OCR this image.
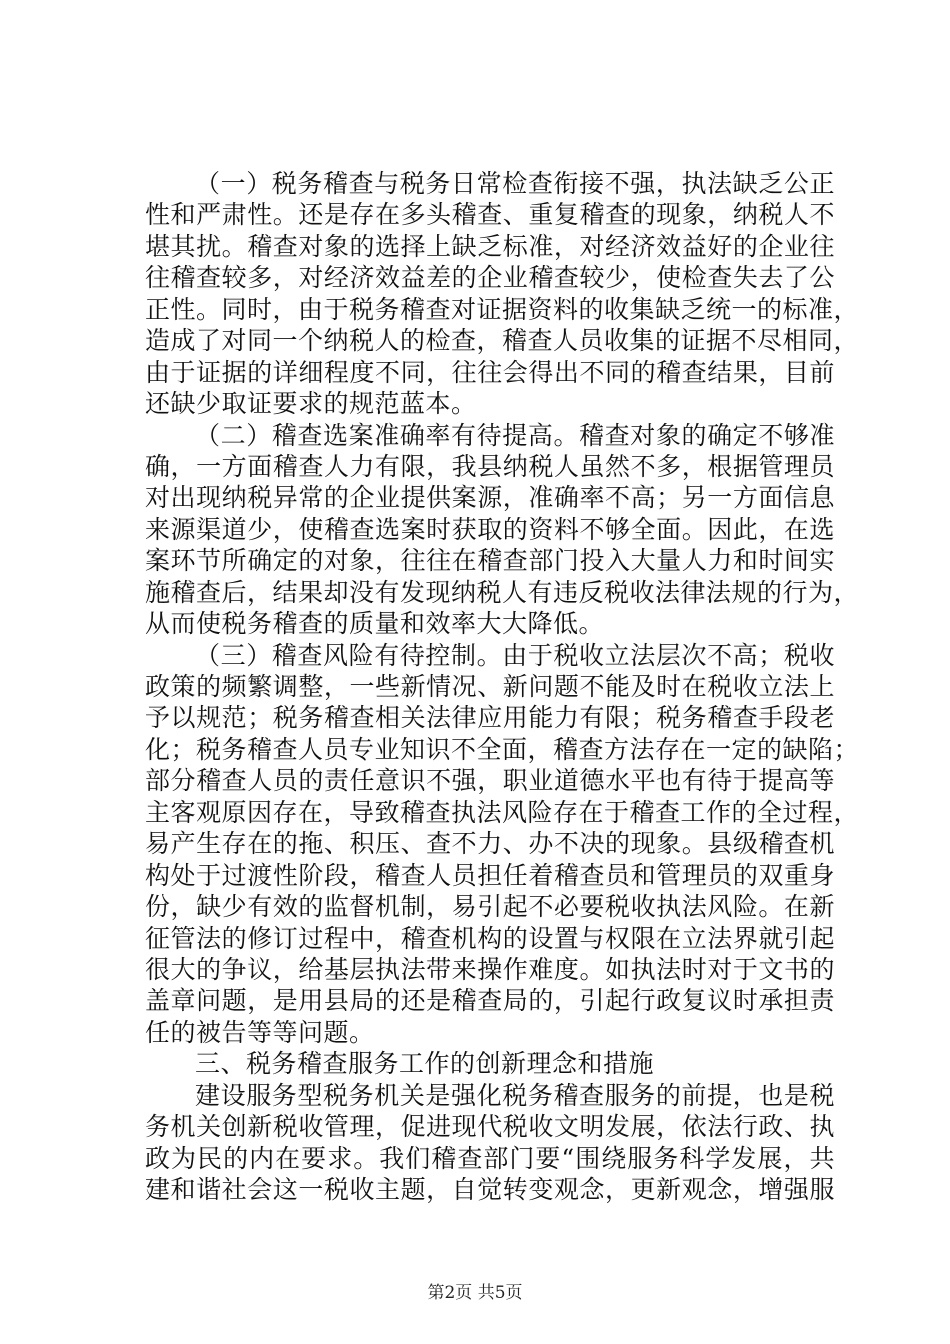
（一）税务稽查与税务日常检查衔接不强，执法缺乏公正
性和严肃性。还是存在多头稽查、重复稽查的现象，纳税人不
堪其扰。稽查对象的选择上缺乏标准，对经济效益好的企业往
往稽查较多，对经济效益差的企业稽查较少，使检查失去了公
正性。同时，由于税务稽查对证据资料的收集缺乏统一的标准，
造成了对同一个纳税人的检查，稽查人员收集的证据不尽相同，
由于证据的详细程度不同，往往会得出不同的稽查结果，目前
还缺少取证要求的规范蓝本。
（二）稽查选案准确率有待提高。稽查对象的确定不够准
确，一方面稽查人力有限，我县纳税人虽然不多，根据管理员
对出现纳税异常的企业提供案源，准确率不高；另一方面信息
来源渠道少，使稽查选案时获取的资料不够全面。因此，在选
案环节所确定的对象，往往在稽查部门投入大量人力和时间实
施稽查后，结果却没有发现纳税人有违反税收法律法规的行为，
从而使税务稽查的质量和效率大大降低。
（三）稽查风险有待控制。由于税收立法层次不高；税收
政策的频繁调整，一些新情况、新问题不能及时在税收立法上
予以规范；税务稽查相关法律应用能力有限；税务稽查手段老
化；税务稽查人员专业知识不全面，稽查方法存在一定的缺陷；
部分稽查人员的责任意识不强，职业道德水平也有待于提高等
主客观原因存在，导致稽查执法风险存在于稽查工作的全过程，
易产生存在的拖、积压、查不力、办不决的现象。县级稽查机
构处于过渡性阶段，稽查人员担任着稽查员和管理员的双重身
份，缺少有效的监督机制，易引起不必要税收执法风险。在新
征管法的修订过程中，稽查机构的设置与权限在立法界就引起
很大的争议，给基层执法带来操作难度。如执法时对于文书的
盖章问题，是用县局的还是稽查局的，引起行政复议时承担责
任的被告等等问题。
三、税务稽查服务工作的创新理念和措施
建设服务型税务机关是强化税务稽查服务的前提，也是税
务机关创新税收管理，促进现代税收文明发展，依法行政、执
政为民的内在要求。我们稽查部门要“围绕服务科学发展，共
建和谐社会这一税收主题，自觉转变观念，更新观念，增强服
第2页 共5页
